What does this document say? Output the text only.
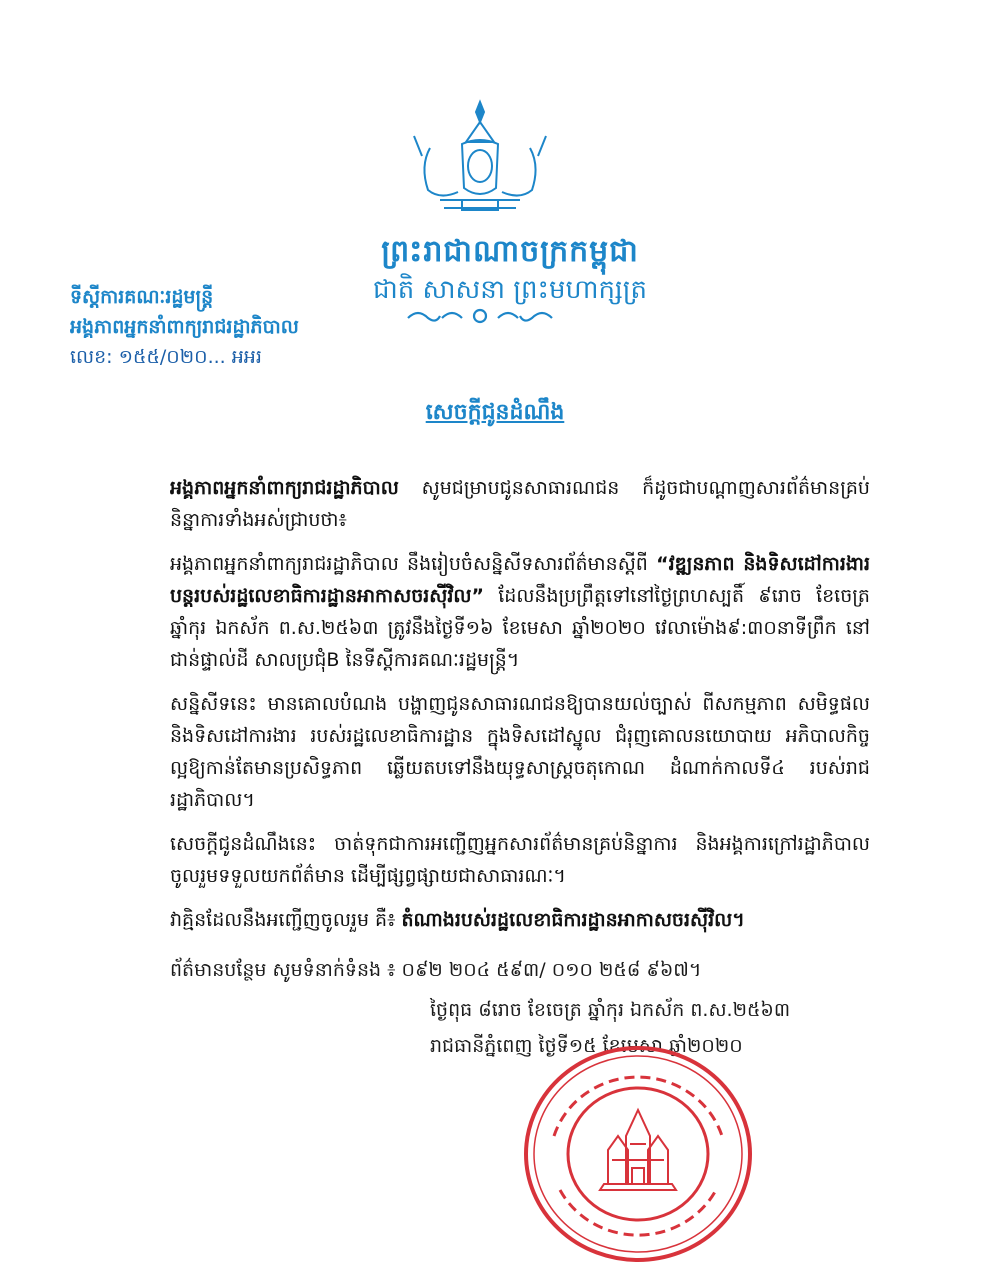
ព្រះរាជាណាចក្រកម្ពុជា
ជាតិ សាសនា ព្រះមហាក្សត្រ
ទីស្តីការគណៈរដ្ឋមន្ត្រី
អង្គភាពអ្នកនាំពាក្យរាជរដ្ឋាភិបាល
លេខ: ១៥៥/០២០... អអរ
សេចក្តីជូនដំណឹង

អង្គភាពអ្នកនាំពាក្យរាជរដ្ឋាភិបាល សូមជម្រាបជូនសាធារណជន ក៏ដូចជាបណ្តាញសារព័ត៌មានគ្រប់និន្នាការទាំងអស់ជ្រាបថា៖

អង្គភាពអ្នកនាំពាក្យរាជរដ្ឋាភិបាល នឹងរៀបចំសន្និសីទសារព័ត៌មានស្តីពី “វឌ្ឍនភាព និងទិសដៅការងារបន្តរបស់រដ្ឋលេខាធិការដ្ឋានអាកាសចរស៊ីវិល” ដែលនឹងប្រព្រឹត្តទៅនៅថ្ងៃព្រហស្បតិ៍ ៩រោច ខែចេត្រ ឆ្នាំកុរ ឯកស័ក ព.ស.២៥៦៣ ត្រូវនឹងថ្ងៃទី១៦ ខែមេសា ឆ្នាំ២០២០ វេលាម៉ោង៩:៣០នាទីព្រឹក នៅជាន់ផ្ទាល់ដី សាលប្រជុំB នៃទីស្តីការគណៈរដ្ឋមន្ត្រី។

សន្និសីទនេះ មានគោលបំណង បង្ហាញជូនសាធារណជនឱ្យបានយល់ច្បាស់ ពីសកម្មភាព សមិទ្ធផល និងទិសដៅការងារ របស់រដ្ឋលេខាធិការដ្ឋាន ក្នុងទិសដៅស្នូល ជំរុញគោលនយោបាយ អភិបាលកិច្ចល្អឱ្យកាន់តែមានប្រសិទ្ធភាព ឆ្លើយតបទៅនឹងយុទ្ធសាស្ត្រចតុកោណ ដំណាក់កាលទី៤ របស់រាជរដ្ឋាភិបាល។

សេចក្តីជូនដំណឹងនេះ ចាត់ទុកជាការអញ្ជើញអ្នកសារព័ត៌មានគ្រប់និន្នាការ និងអង្គការក្រៅរដ្ឋាភិបាល ចូលរួមទទួលយកព័ត៌មាន ដើម្បីផ្សព្វផ្សាយជាសាធារណៈ។

វាគ្មិនដែលនឹងអញ្ជើញចូលរួម គឺ៖ តំណាងរបស់រដ្ឋលេខាធិការដ្ឋានអាកាសចរស៊ីវិល។

ព័ត៌មានបន្ថែម សូមទំនាក់ទំនង ៖ ០៩២ ២០៤ ៥៩៣/ ០១០ ២៥៨ ៩៦៧។
ថ្ងៃពុធ ៨រោច ខែចេត្រ ឆ្នាំកុរ ឯកស័ក ព.ស.២៥៦៣
រាជធានីភ្នំពេញ ថ្ងៃទី១៥ ខែមេសា ឆ្នាំ២០២០
